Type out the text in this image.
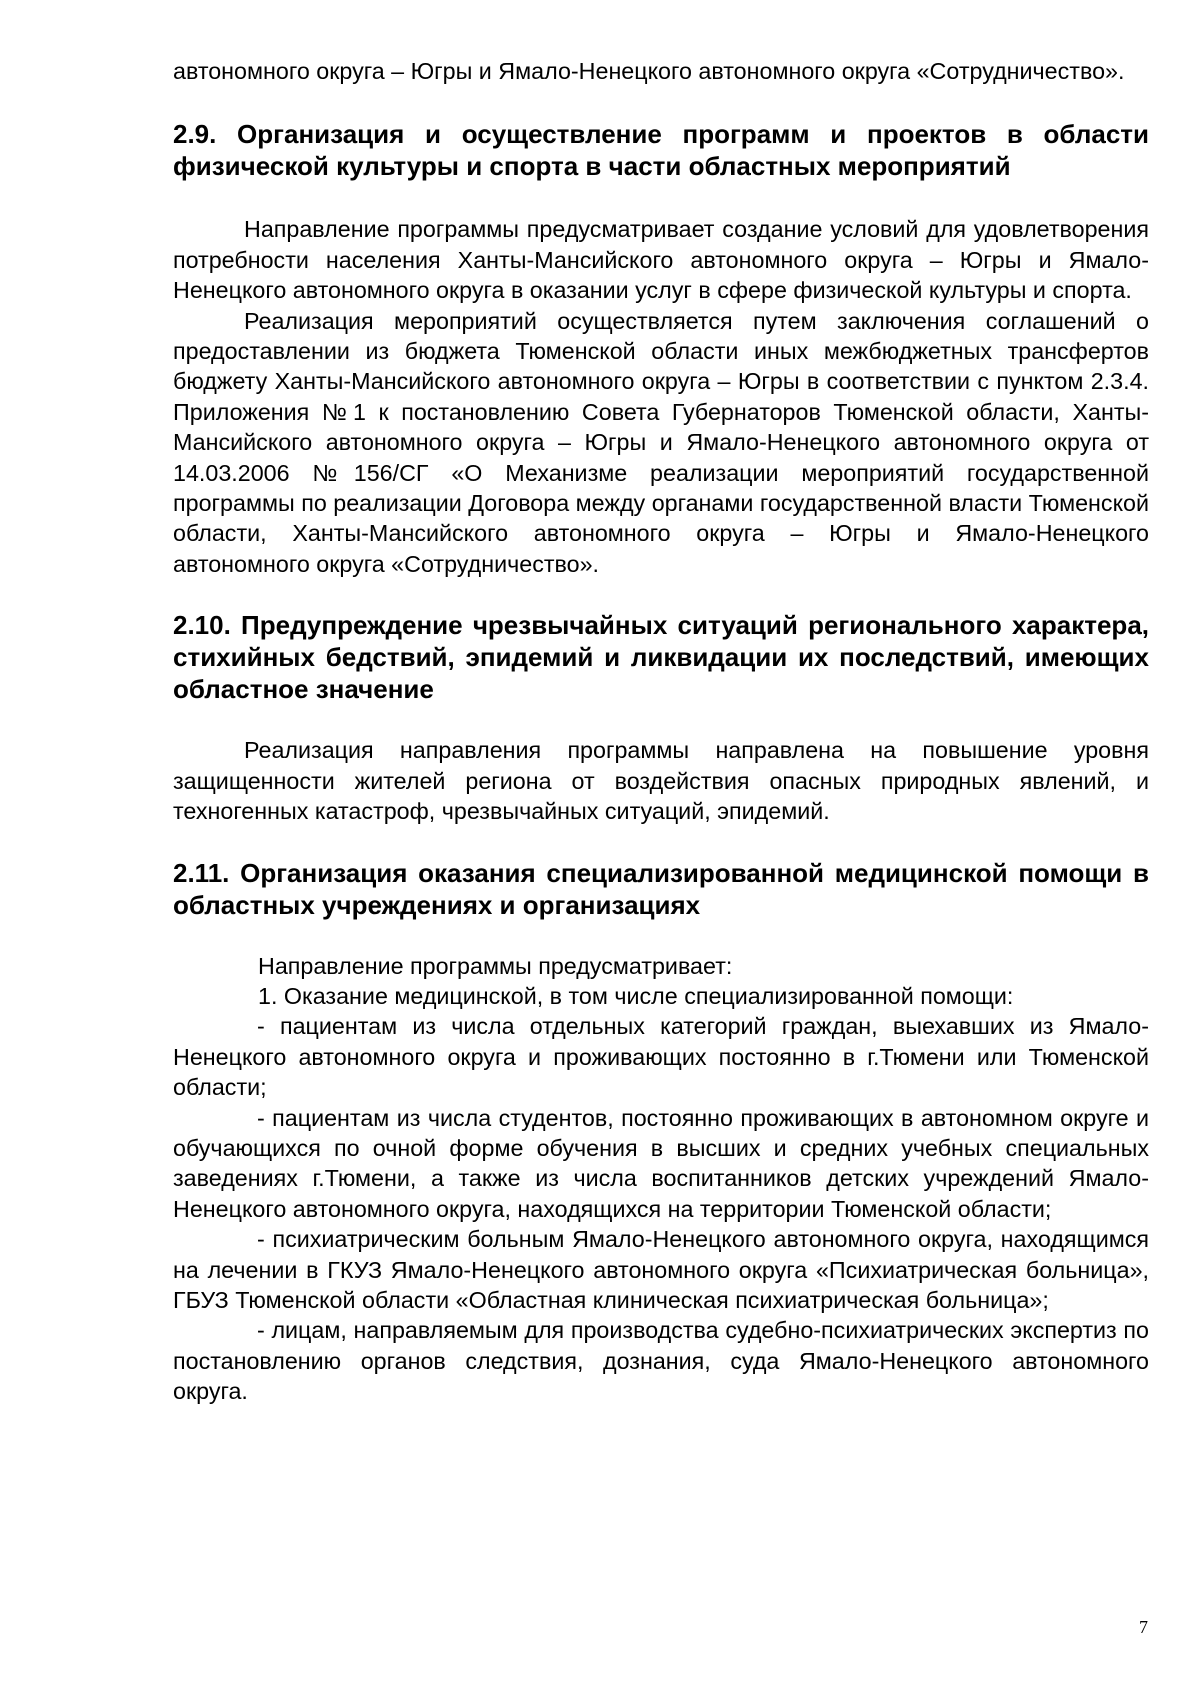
автономного округа – Югры и Ямало-Ненецкого автономного округа «Сотрудничество».

2.9. Организация и осуществление программ и проектов в области физической культуры и спорта в части областных мероприятий

Направление программы предусматривает создание условий для удовлетворения потребности населения Ханты-Мансийского автономного округа – Югры и Ямало-Ненецкого автономного округа в оказании услуг в сфере физической культуры и спорта.

Реализация мероприятий осуществляется путем заключения соглашений о предоставлении из бюджета Тюменской области иных межбюджетных трансфертов бюджету Ханты-Мансийского автономного округа – Югры в соответствии с пунктом 2.3.4. Приложения №1 к постановлению Совета Губернаторов Тюменской области, Ханты-Мансийского автономного округа – Югры и Ямало-Ненецкого автономного округа от 14.03.2006 №156/СГ «О Механизме реализации мероприятий государственной программы по реализации Договора между органами государственной власти Тюменской области, Ханты-Мансийского автономного округа – Югры и Ямало-Ненецкого автономного округа «Сотрудничество».

2.10. Предупреждение чрезвычайных ситуаций регионального характера, стихийных бедствий, эпидемий и ликвидации их последствий, имеющих областное значение

Реализация направления программы направлена на повышение уровня защищенности жителей региона от воздействия опасных природных явлений, и техногенных катастроф, чрезвычайных ситуаций, эпидемий.

2.11. Организация оказания специализированной медицинской помощи в областных учреждениях и организациях

Направление программы предусматривает:

1. Оказание медицинской, в том числе специализированной помощи:

- пациентам из числа отдельных категорий граждан, выехавших из Ямало-Ненецкого автономного округа и проживающих постоянно в г.Тюмени или Тюменской области;

- пациентам из числа студентов, постоянно проживающих в автономном округе и обучающихся по очной форме обучения в высших и средних учебных специальных заведениях г.Тюмени, а также из числа воспитанников детских учреждений Ямало-Ненецкого автономного округа, находящихся на территории Тюменской области;

- психиатрическим больным Ямало-Ненецкого автономного округа, находящимся на лечении в ГКУЗ Ямало-Ненецкого автономного округа «Психиатрическая больница», ГБУЗ Тюменской области «Областная клиническая психиатрическая больница»;

- лицам, направляемым для производства судебно-психиатрических экспертиз по постановлению органов следствия, дознания, суда Ямало-Ненецкого автономного округа.

7
